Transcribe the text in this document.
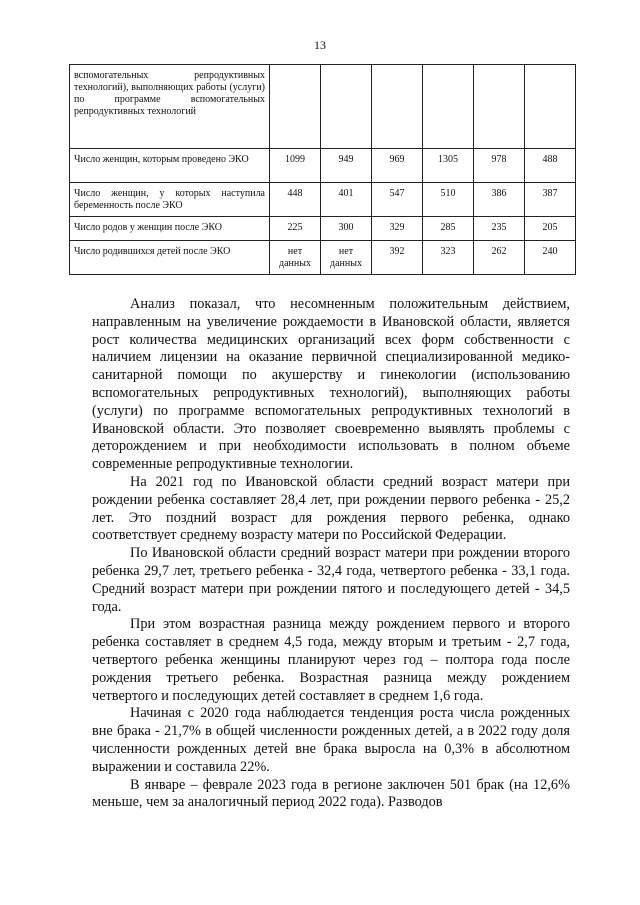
13
вспомогательных репродуктивных технологий), выполняющих работы (услуги) по программе вспомогательных репродуктивных технологий						
Число женщин, которым проведено ЭКО	1099	949	969	1305	978	488
Число женщин, у которых наступила беременность после ЭКО	448	401	547	510	386	387
Число родов у женщин после ЭКО	225	300	329	285	235	205
Число родившихся детей после ЭКО	нет данных	нет данных	392	323	262	240

Анализ показал, что несомненным положительным действием, направленным на увеличение рождаемости в Ивановской области, является рост количества медицинских организаций всех форм собственности с наличием лицензии на оказание первичной специализированной медико-санитарной помощи по акушерству и гинекологии (использованию вспомогательных репродуктивных технологий), выполняющих работы (услуги) по программе вспомогательных репродуктивных технологий в Ивановской области. Это позволяет своевременно выявлять проблемы с деторождением и при необходимости использовать в полном объеме современные репродуктивные технологии.

На 2021 год по Ивановской области средний возраст матери при рождении ребенка составляет 28,4 лет, при рождении первого ребенка - 25,2 лет. Это поздний возраст для рождения первого ребенка, однако соответствует среднему возрасту матери по Российской Федерации.

По Ивановской области средний возраст матери при рождении второго ребенка 29,7 лет, третьего ребенка - 32,4 года, четвертого ребенка - 33,1 года. Средний возраст матери при рождении пятого и последующего детей - 34,5 года.

При этом возрастная разница между рождением первого и второго ребенка составляет в среднем 4,5 года, между вторым и третьим - 2,7 года, четвертого ребенка женщины планируют через год – полтора года после рождения третьего ребенка. Возрастная разница между рождением четвертого и последующих детей составляет в среднем 1,6 года.

Начиная с 2020 года наблюдается тенденция роста числа рожденных вне брака - 21,7% в общей численности рожденных детей, а в 2022 году доля численности рожденных детей вне брака выросла на 0,3% в абсолютном выражении и составила 22%.

В январе – феврале 2023 года в регионе заключен 501 брак (на 12,6% меньше, чем за аналогичный период 2022 года). Разводов
